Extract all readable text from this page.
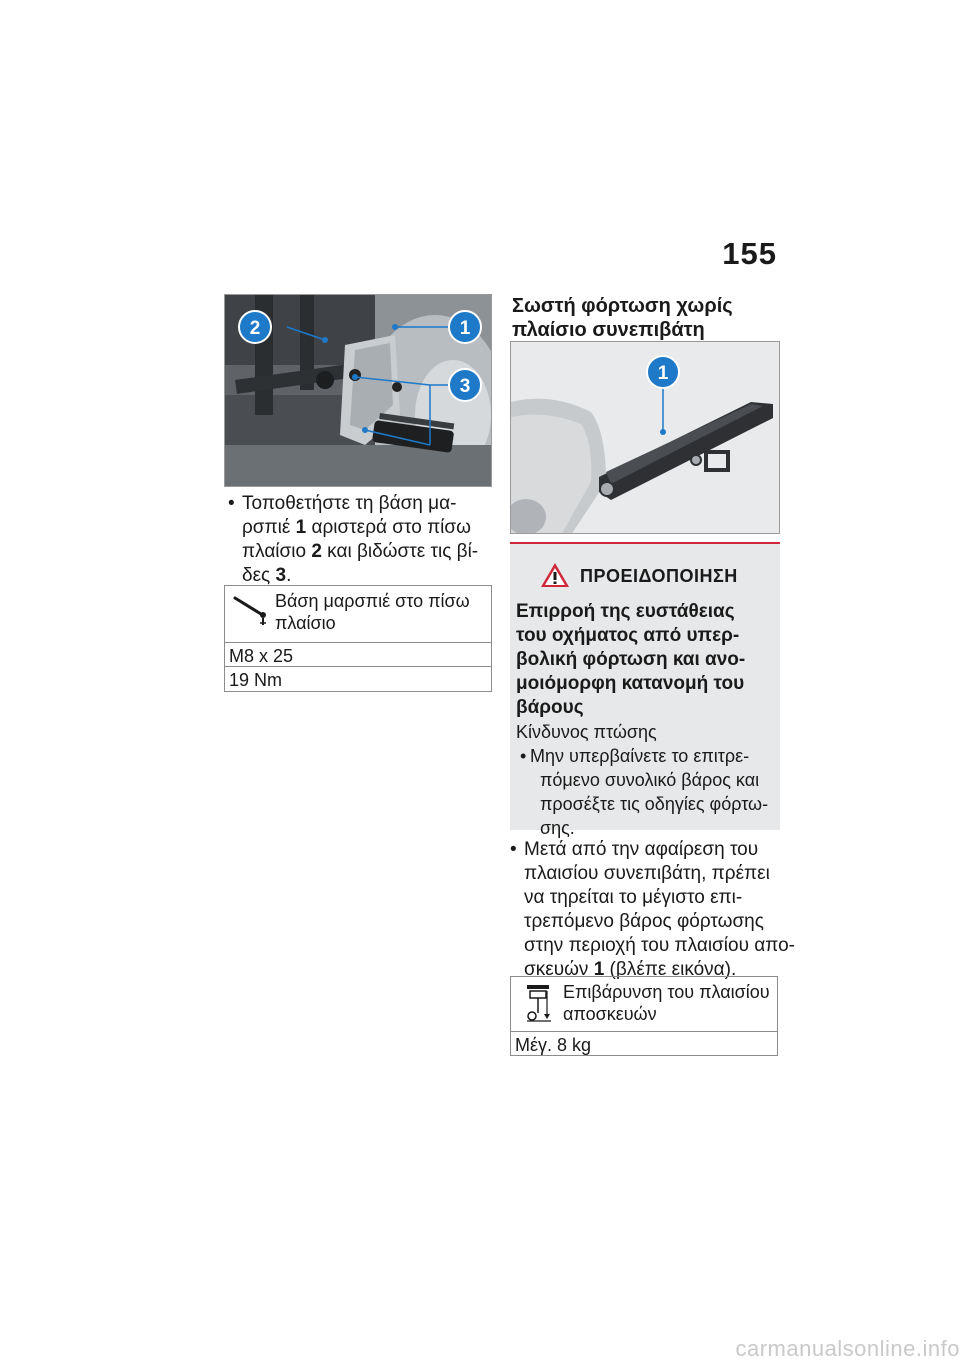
155
2	1
3
• Τοποθετήστε τη βάση μα-
ρσπιέ 1 αριστερά στο πίσω
πλαίσιο 2 και βιδώστε τις βί-
δες 3.
Βάση μαρσπιέ στο πίσω
πλαίσιο
M8 x 25
19 Nm
Σωστή φόρτωση χωρίς
πλαίσιο συνεπιβάτη
1
ΠΡΟΕΙΔΟΠΟΙΗΣΗ
Επιρροή της ευστάθειας
του οχήματος από υπερ-
βολική φόρτωση και ανο-
μοιόμορφη κατανομή του
βάρους
Κίνδυνος πτώσης
• Μην υπερβαίνετε το επιτρε-
πόμενο συνολικό βάρος και
προσέξτε τις οδηγίες φόρτω-
σης.
• Μετά από την αφαίρεση του
πλαισίου συνεπιβάτη, πρέπει
να τηρείται το μέγιστο επι-
τρεπόμενο βάρος φόρτωσης
στην περιοχή του πλαισίου απο-
σκευών 1 (βλέπε εικόνα).
Επιβάρυνση του πλαισίου
αποσκευών
Μέγ. 8 kg
carmanualsonline.info
